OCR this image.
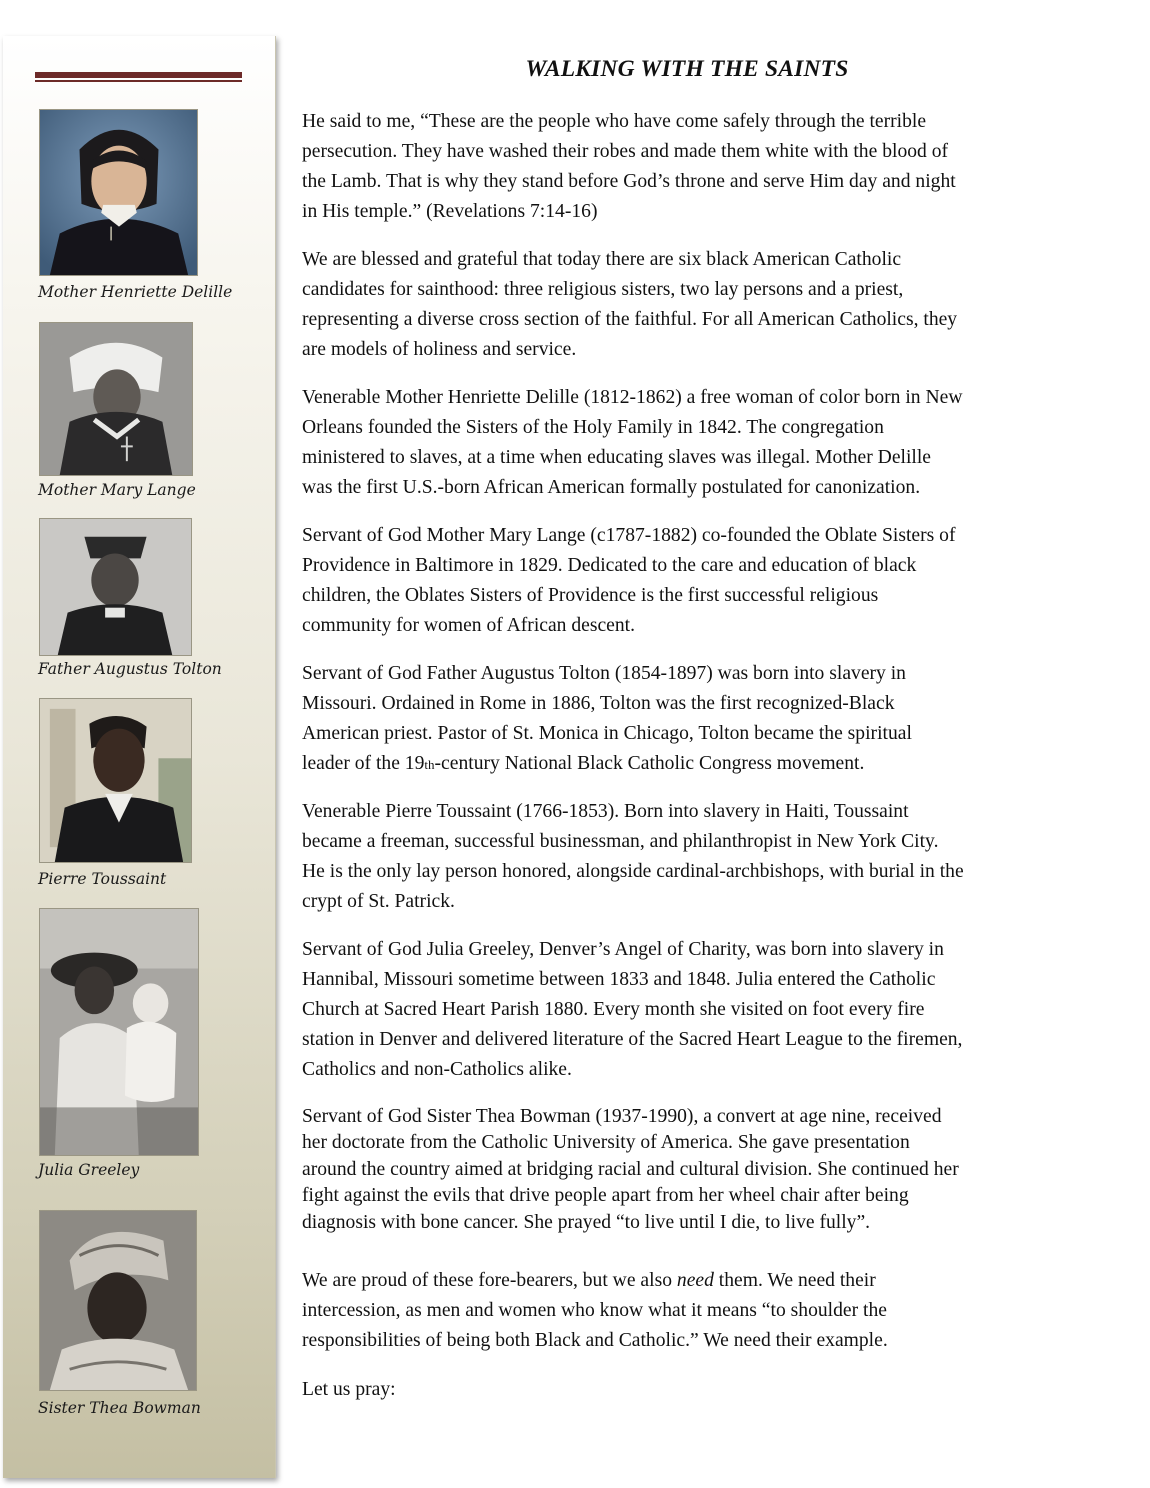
Mother Henriette Delille
Mother Mary Lange
Father Augustus Tolton
Pierre Toussaint
Julia Greeley
Sister Thea Bowman
WALKING WITH THE SAINTS
He said to me, “These are the people who have come safely through the terrible
persecution. They have washed their robes and made them white with the blood of
the Lamb. That is why they stand before God’s throne and serve Him day and night
in His temple.” (Revelations 7:14-16)
We are blessed and grateful that today there are six black American Catholic
candidates for sainthood: three religious sisters, two lay persons and a priest,
representing a diverse cross section of the faithful. For all American Catholics, they
are models of holiness and service.
Venerable Mother Henriette Delille (1812-1862) a free woman of color born in New
Orleans founded the Sisters of the Holy Family in 1842. The congregation
ministered to slaves, at a time when educating slaves was illegal. Mother Delille
was the first U.S.-born African American formally postulated for canonization.
Servant of God Mother Mary Lange (c1787-1882) co-founded the Oblate Sisters of
Providence in Baltimore in 1829. Dedicated to the care and education of black
children, the Oblates Sisters of Providence is the first successful religious
community for women of African descent.
Servant of God Father Augustus Tolton (1854-1897) was born into slavery in
Missouri. Ordained in Rome in 1886, Tolton was the first recognized-Black
American priest. Pastor of St. Monica in Chicago, Tolton became the spiritual
leader of the 19th-century National Black Catholic Congress movement.
Venerable Pierre Toussaint (1766-1853). Born into slavery in Haiti, Toussaint
became a freeman, successful businessman, and philanthropist in New York City.
He is the only lay person honored, alongside cardinal-archbishops, with burial in the
crypt of St. Patrick.
Servant of God Julia Greeley, Denver’s Angel of Charity, was born into slavery in
Hannibal, Missouri sometime between 1833 and 1848. Julia entered the Catholic
Church at Sacred Heart Parish 1880. Every month she visited on foot every fire
station in Denver and delivered literature of the Sacred Heart League to the firemen,
Catholics and non-Catholics alike.
Servant of God Sister Thea Bowman (1937-1990), a convert at age nine, received
her doctorate from the Catholic University of America. She gave presentation
around the country aimed at bridging racial and cultural division. She continued her
fight against the evils that drive people apart from her wheel chair after being
diagnosis with bone cancer. She prayed “to live until I die, to live fully”.
We are proud of these fore-bearers, but we also need them. We need their
intercession, as men and women who know what it means “to shoulder the
responsibilities of being both Black and Catholic.” We need their example.
Let us pray:
